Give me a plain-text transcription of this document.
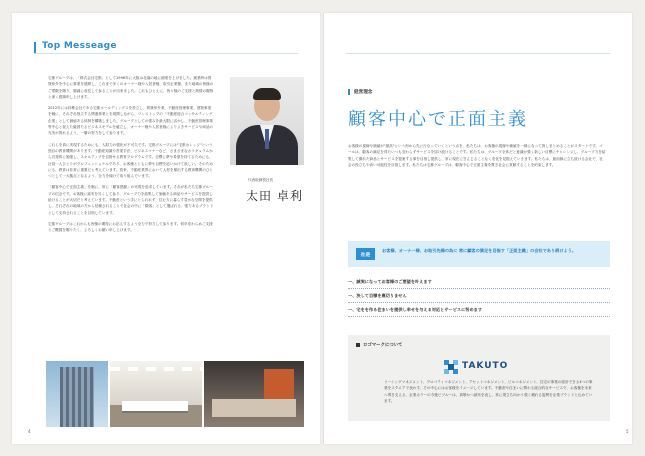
Top Messeage

宅都グループは、「株式会社宅都」として1998年に大阪は北堀の地に創業を上げました。創業時は賃貸仲介を中心に事業を展開し、これまで多くのオーナー様や入居者様、取引企業様、また地域の皆様のご愛顧を賜り、順調に成長して参ることが出来ました。これもひとえに、皆々様のご支援と熱情の賜物と深く感謝申し上げます。

2012年には持株会社である宅都ホールディングスを設立し、賃貸仲介業、不動産管理事業、建物事業を軸に、それぞれ独立する関連事業とを展開しながら、ワンストップの「不動産総合コンサルティング企業」として価値ある体制を構築しました。グループとしての強みを最大限に活かし、不動産管理事業等中心と捉えた確固たるビジネスモデルを確立し、オーナー様や入居者様によりよきサービスや商品の充実が図れるよう、一層の努力をして参ります。

これらを真に実現するためにも、人財力の強化が不可欠です。宅都グループには"宅都カレッジ"という独自の教育機関があります。不動産知識や営業手法、ビジネスマナーなど、さまざまなカリキュラムから自発的に勉強し、スキルアップを目指せる教育プログラムです。目標に夢や希望を持てるためにも、社員一人ひとりがプロフェッショナルであり、お客様とともに夢や目標を追いかけて欲しい。そのためにも、教育は非常に重要だと考えています。将来、不動産業界において人材を輩出する教育機関のひとつとして一大拠点となるよう、全力を傾けて取り組んでいます。

「顧客中心で正面主義」を胸に、常に「顧客感動」の実現を追求しています。それが私たち宅都グループの信念です。お客様に誠実を尽くして参り、グループ力を結集して価値ある商品やサービスを提供し続けることが大切だと考えています。不動産という手にとられれず、住む方に暮らす豊かな空間を提供し、それぞれの地域の方から信頼されることで社会の中に「顧客」として選ばれる、強力あるブランドとして支持されることを目指しています。

宅都グループはこれからも皆様の期待にお応えするよう全力で努力して参ります。何卒変わらぬご支援とご鞭撻を賜りたく、よろしくお願い申し上げます。

代表取締役社長
太田 卓利
4
経営理念
顧客中心で正面主義

お客様の視線や価値が"最高"という形から先に行なっていくという点を、私たちは、お客様の視線や価値を一緒になって探しまとめることがスタートです。ゴールは、顧客の満足を得たいつも変わらずサービスを届け続けることです。私たちは、グループ全体だと意識が強く新しい目標にチャレンジし、グループ力を結集して優れた商品とサービスを提案する事を目指し提供し、常に現在に甘んじることなく変化を見据えていきます。私たちは、最前線に立ち続ける会社で、社会の役立ちや高い可能性を目指します。私たちは宅都グループは、顧客中心で正面主義を貫き社会に貢献することを約束します。

社是
お客様、オーナー様、お取引先様の為に 常に顧客の満足を目指す「正面主義」の会社であり続けよう。
一、誠実になってお客様のご要望を叶えます
一、決して目標を裏切りません
一、宅をを作る住まいを提供し幸せを与える対応とサービスに努めます
ロゴマークについて
TAKUTO

リーシングマネジメント、プロパティマネジメント、アセットマネジメント、ビルマネジメント、住宅の事業の総計できる4つの事業をスクエアで表わす。その中心にはお客様をイメージしています。不動産や住まいに関わる総合的なサービスで、お客様を未来へ導き支える、企業カラーの今後ビブルーは、真摯かつ誠実を表し、常に果立ち向かう強く頼れる姿勢を企業ブランドと込めています。

5
